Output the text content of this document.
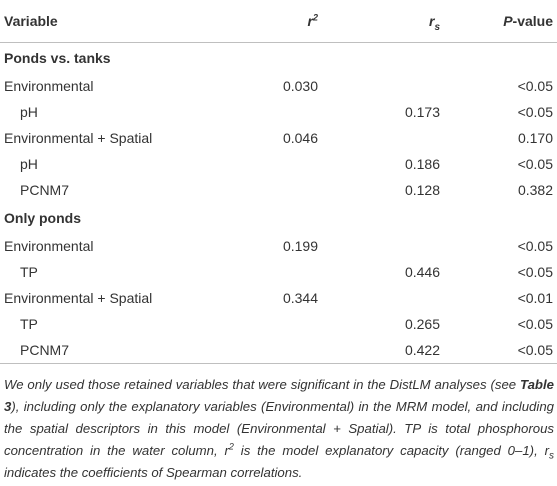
Variable	$r^2$	$r_s$	P-value
Ponds vs. tanks			
Environmental	0.030		<0.05
pH		0.173	<0.05
Environmental + Spatial	0.046		0.170
pH		0.186	<0.05
PCNM7		0.128	0.382
Only ponds			
Environmental	0.199		<0.05
TP		0.446	<0.05
Environmental + Spatial	0.344		<0.01
TP		0.265	<0.05
PCNM7		0.422	<0.05
We only used those retained variables that were significant in the DistLM analyses (see Table 3), including only the explanatory variables (Environmental) in the MRM model, and including the spatial descriptors in this model (Environmental + Spatial). TP is total phosphorous concentration in the water column, $r^2$ is the model explanatory capacity (ranged 0–1), $r_s$ indicates the coefficients of Spearman correlations.
